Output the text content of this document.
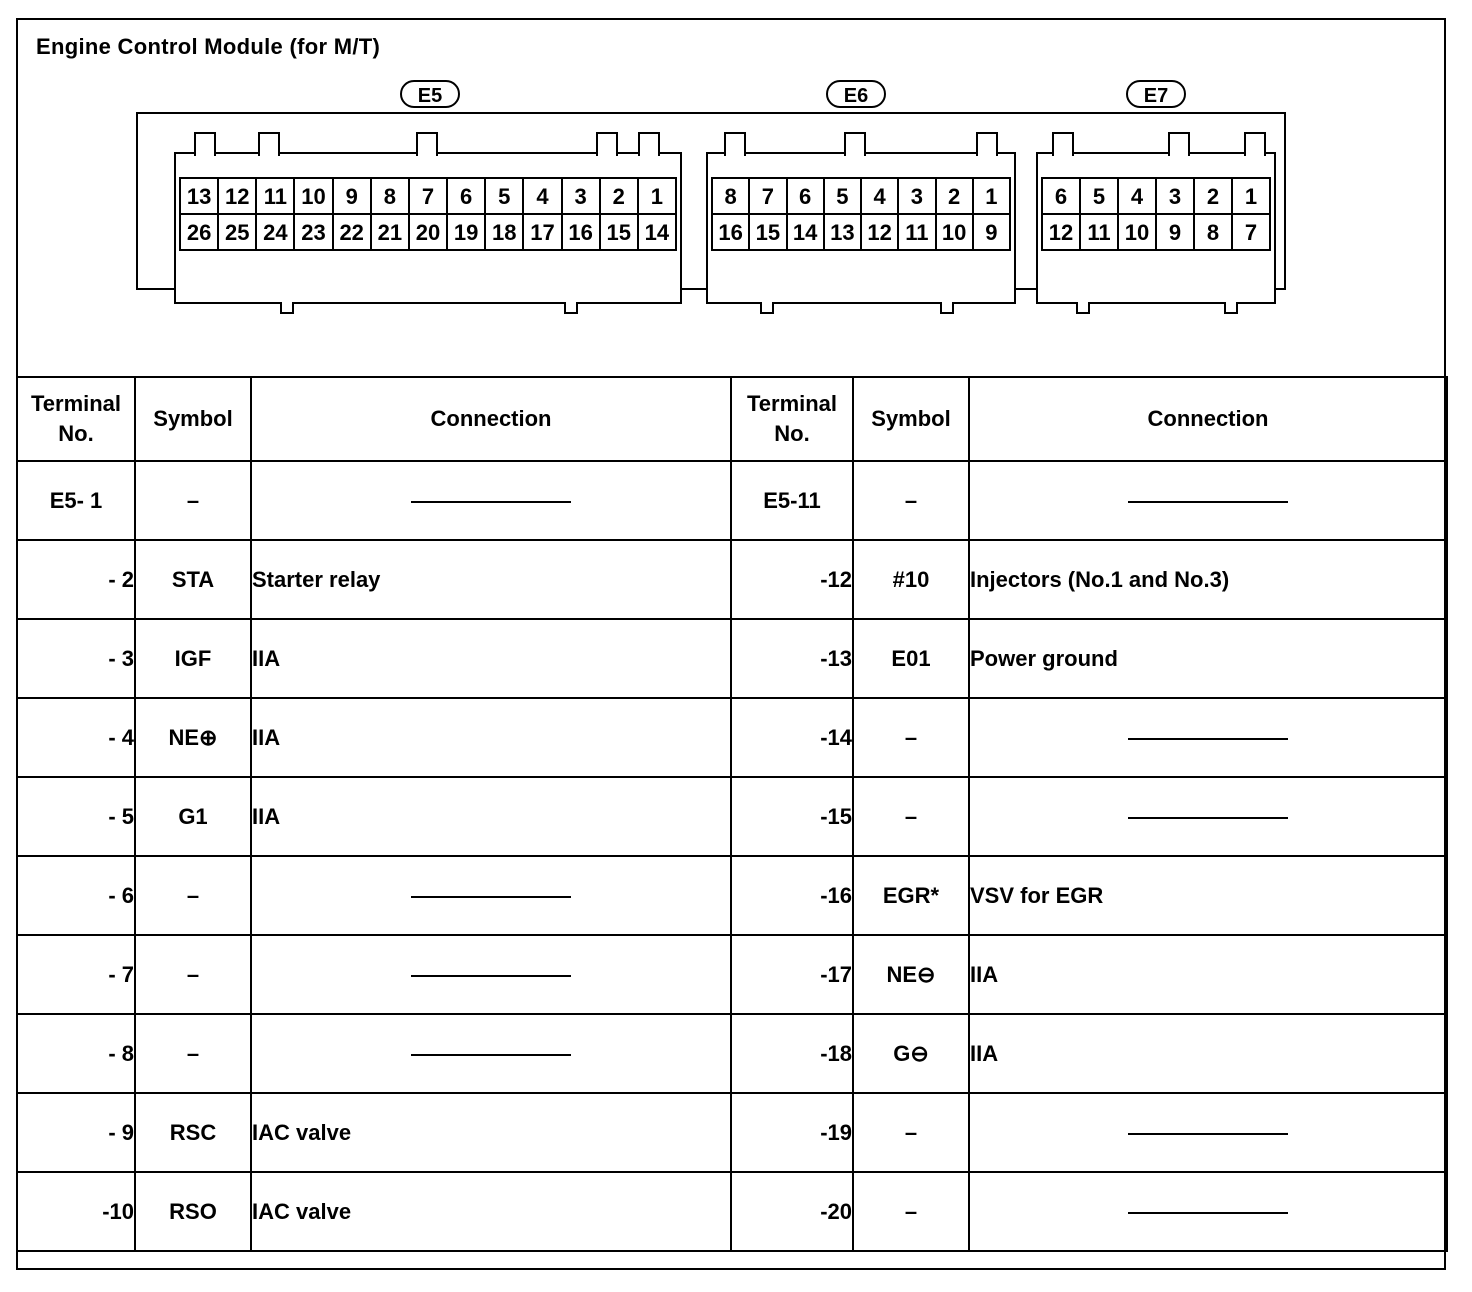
Engine Control Module (for M/T)
E5	E6	E7
13 12 11 10 9	8	7	6	5	4	3	2	1
26 25 24 23 22 21 20 19 18 17 16 15 14
8	7	6	5	4	3	2	1
16 15 14 13 12 11 10 9
6	5	4	3	2	1
12 11 10 9	8	7
Terminal No.	Symbol	Connection	Terminal No.	Symbol	Connection
E5- 1	–		E5-11	–	
- 2	STA	Starter relay	-12	#10	Injectors (No.1 and No.3)
- 3	IGF	IIA	-13	E01	Power ground
- 4	NE⊕	IIA	-14	–	
- 5	G1	IIA	-15	–	
- 6	–		-16	EGR*	VSV for EGR
- 7	–		-17	NE⊖	IIA
- 8	–		-18	G⊖	IIA
- 9	RSC	IAC valve	-19	–	
-10	RSO	IAC valve	-20	–	
